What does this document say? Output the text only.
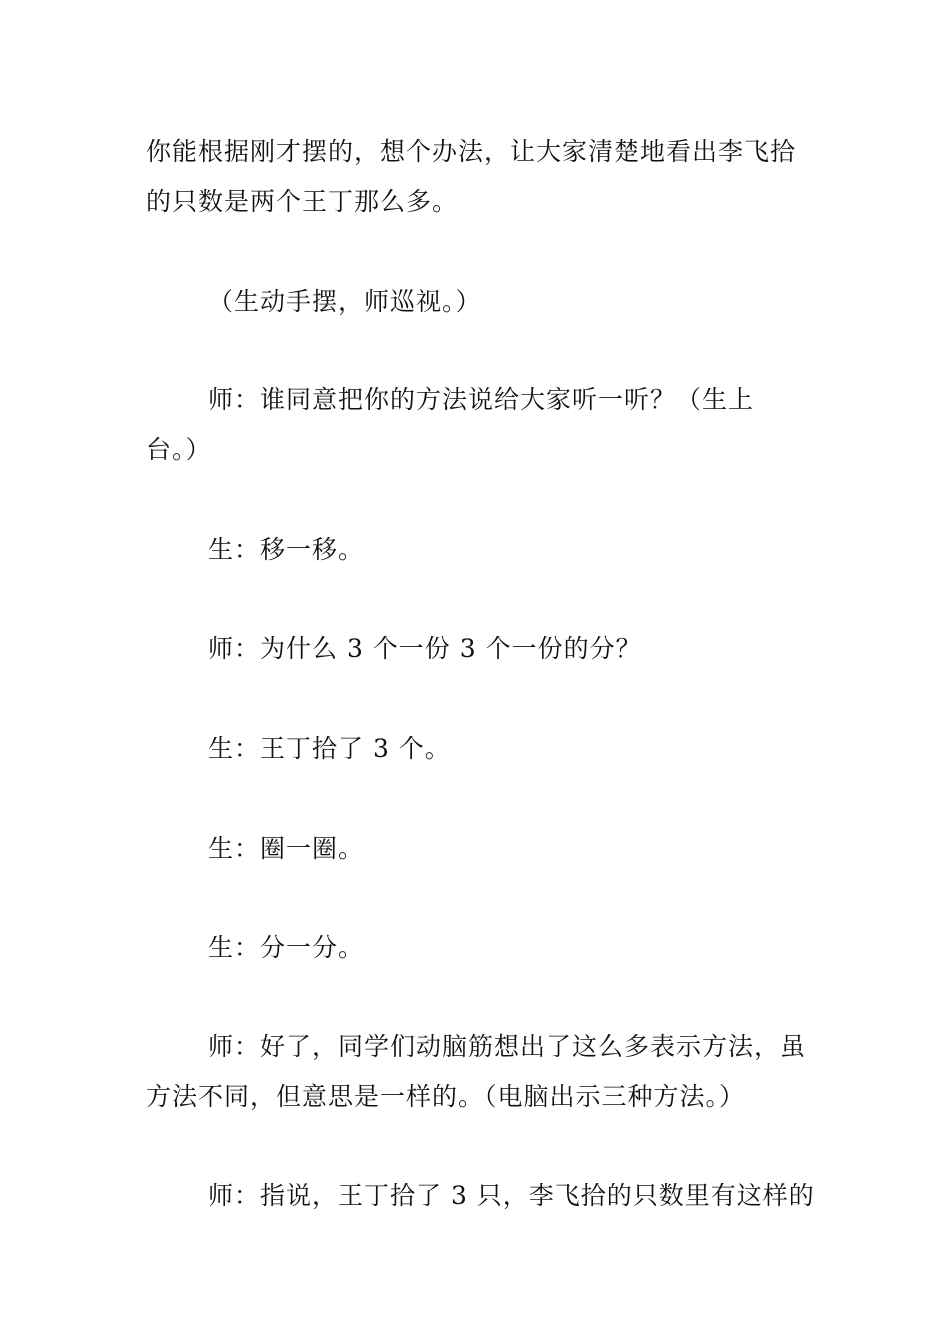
你能根据刚才摆的，想个办法，让大家清楚地看出李飞拾
的只数是两个王丁那么多。
（生动手摆，师巡视。）
师：谁同意把你的方法说给大家听一听？（生上
台。）
生：移一移。
师：为什么 3 个一份 3 个一份的分？
生：王丁拾了 3 个。
生：圈一圈。
生：分一分。
师：好了，同学们动脑筋想出了这么多表示方法，虽
方法不同，但意思是一样的。（电脑出示三种方法。）
师：指说，王丁拾了 3 只，李飞拾的只数里有这样的
